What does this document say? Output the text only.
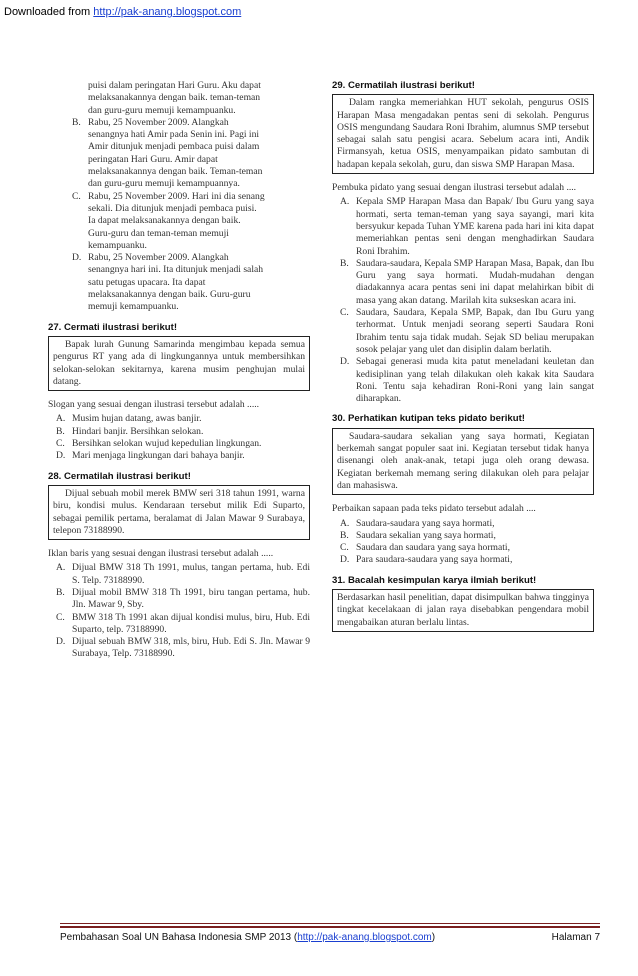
Downloaded from http://pak-anang.blogspot.com
puisi dalam peringatan Hari Guru. Aku dapat
melaksanakannya dengan baik. teman-teman
dan guru-guru memuji kemampuanku.
B. Rabu, 25 November 2009. Alangkah
senangnya hati Amir pada Senin ini. Pagi ini
Amir ditunjuk menjadi pembaca puisi dalam
peringatan Hari Guru. Amir dapat
melaksanakannya dengan baik. Teman-teman
dan guru-guru memuji kemampuannya.
C. Rabu, 25 November 2009. Hari ini dia senang
sekali. Dia ditunjuk menjadi pembaca puisi.
Ia dapat melaksanakannya dengan baik.
Guru-guru dan teman-teman memuji
kemampuanku.
D. Rabu, 25 November 2009. Alangkah
senangnya hari ini. Ita ditunjuk menjadi salah
satu petugas upacara. Ita dapat
melaksanakannya dengan baik. Guru-guru
memuji kemampuanku.
27. Cermati ilustrasi berikut!
Bapak lurah Gunung Samarinda mengimbau kepada semua pengurus RT yang ada di lingkungannya untuk membersihkan selokan-selokan sekitarnya, karena musim penghujan mulai datang.
Slogan yang sesuai dengan ilustrasi tersebut adalah .....
A. Musim hujan datang, awas banjir.
B. Hindari banjir. Bersihkan selokan.
C. Bersihkan selokan wujud kepedulian lingkungan.
D. Mari menjaga lingkungan dari bahaya banjir.
28. Cermatilah ilustrasi berikut!
Dijual sebuah mobil merek BMW seri 318 tahun 1991, warna biru, kondisi mulus. Kendaraan tersebut milik Edi Suparto, sebagai pemilik pertama, beralamat di Jalan Mawar 9 Surabaya, telepon 73188990.
Iklan baris yang sesuai dengan ilustrasi tersebut adalah .....
A. Dijual BMW 318 Th 1991, mulus, tangan pertama, hub. Edi S. Telp. 73188990.
B. Dijual mobil BMW 318 Th 1991, biru tangan pertama, hub. Jln. Mawar 9, Sby.
C. BMW 318 Th 1991 akan dijual kondisi mulus, biru, Hub. Edi Suparto, telp. 73188990.
D. Dijual sebuah BMW 318, mls, biru, Hub. Edi S. Jln. Mawar 9 Surabaya, Telp. 73188990.
29. Cermatilah ilustrasi berikut!
Dalam rangka memeriahkan HUT sekolah, pengurus OSIS Harapan Masa mengadakan pentas seni di sekolah. Pengurus OSIS mengundang Saudara Roni Ibrahim, alumnus SMP tersebut sebagai salah satu pengisi acara. Sebelum acara inti, Andik Firmansyah, ketua OSIS, menyampaikan pidato sambutan di hadapan kepala sekolah, guru, dan siswa SMP Harapan Masa.
Pembuka pidato yang sesuai dengan ilustrasi tersebut adalah ....
A. Kepala SMP Harapan Masa dan Bapak/ Ibu Guru yang saya hormati, serta teman-teman yang saya sayangi, mari kita bersyukur kepada Tuhan YME karena pada hari ini kita dapat memeriahkan pentas seni dengan menghadirkan Saudara Roni Ibrahim.
B. Saudara-saudara, Kepala SMP Harapan Masa, Bapak, dan Ibu Guru yang saya hormati. Mudah-mudahan dengan diadakannya acara pentas seni ini dapat melahirkan bibit di masa yang akan datang. Marilah kita sukseskan acara ini.
C. Saudara, Saudara, Kepala SMP, Bapak, dan Ibu Guru yang terhormat. Untuk menjadi seorang seperti Saudara Roni Ibrahim tentu saja tidak mudah. Sejak SD beliau merupakan sosok pelajar yang ulet dan disiplin dalam berlatih.
D. Sebagai generasi muda kita patut meneladani keuletan dan kedisiplinan yang telah dilakukan oleh kakak kita Saudara Roni. Tentu saja kehadiran Roni-Roni yang lain sangat diharapkan.
30. Perhatikan kutipan teks pidato berikut!
Saudara-saudara sekalian yang saya hormati, Kegiatan berkemah sangat populer saat ini. Kegiatan tersebut tidak hanya disenangi oleh anak-anak, tetapi juga oleh orang dewasa. Kegiatan berkemah memang sering dilakukan oleh para pelajar dan mahasiswa.
Perbaikan sapaan pada teks pidato tersebut adalah ....
A. Saudara-saudara yang saya hormati,
B. Saudara sekalian yang saya hormati,
C. Saudara dan saudara yang saya hormati,
D. Para saudara-saudara yang saya hormati,
31. Bacalah kesimpulan karya ilmiah berikut!
Berdasarkan hasil penelitian, dapat disimpulkan bahwa tingginya tingkat kecelakaan di jalan raya disebabkan pengendara mobil mengabaikan aturan berlalu lintas.
Pembahasan Soal UN Bahasa Indonesia SMP 2013 (http://pak-anang.blogspot.com)	Halaman 7
